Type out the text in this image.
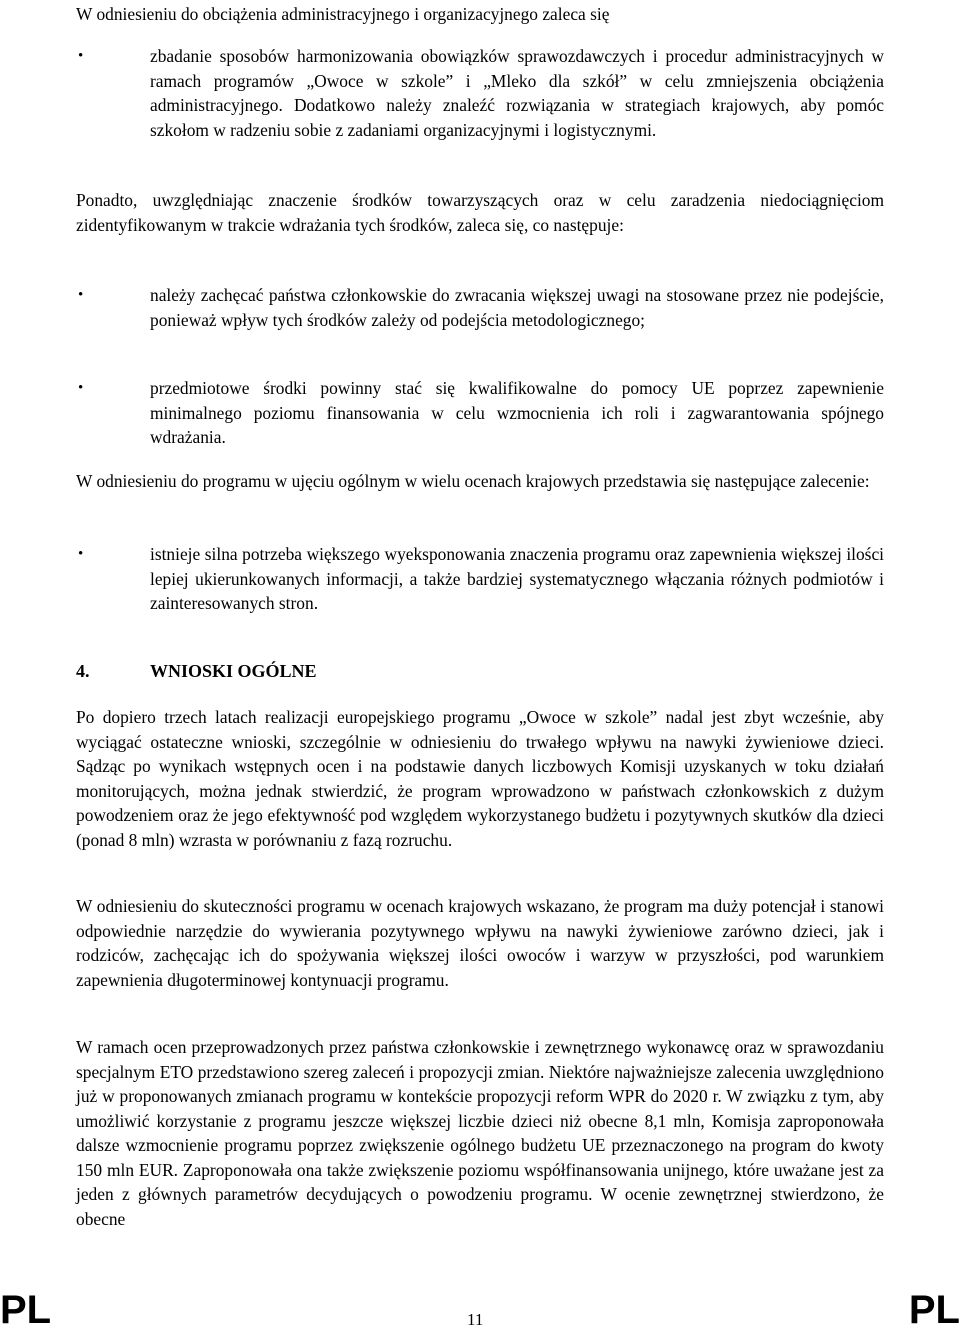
W odniesieniu do obciążenia administracyjnego i organizacyjnego zaleca się

•	zbadanie sposobów harmonizowania obowiązków sprawozdawczych i procedur administracyjnych w ramach programów „Owoce w szkole” i „Mleko dla szkół” w celu zmniejszenia obciążenia administracyjnego. Dodatkowo należy znaleźć rozwiązania w strategiach krajowych, aby pomóc szkołom w radzeniu sobie z zadaniami organizacyjnymi i logistycznymi.

Ponadto, uwzględniając znaczenie środków towarzyszących oraz w celu zaradzenia niedociągnięciom zidentyfikowanym w trakcie wdrażania tych środków, zaleca się, co następuje:

•	należy zachęcać państwa członkowskie do zwracania większej uwagi na stosowane przez nie podejście, ponieważ wpływ tych środków zależy od podejścia metodologicznego;

•	przedmiotowe środki powinny stać się kwalifikowalne do pomocy UE poprzez zapewnienie minimalnego poziomu finansowania w celu wzmocnienia ich roli i zagwarantowania spójnego wdrażania.

W odniesieniu do programu w ujęciu ogólnym w wielu ocenach krajowych przedstawia się następujące zalecenie:

•	istnieje silna potrzeba większego wyeksponowania znaczenia programu oraz zapewnienia większej ilości lepiej ukierunkowanych informacji, a także bardziej systematycznego włączania różnych podmiotów i zainteresowanych stron.

4.	WNIOSKI OGÓLNE

Po dopiero trzech latach realizacji europejskiego programu „Owoce w szkole” nadal jest zbyt wcześnie, aby wyciągać ostateczne wnioski, szczególnie w odniesieniu do trwałego wpływu na nawyki żywieniowe dzieci. Sądząc po wynikach wstępnych ocen i na podstawie danych liczbowych Komisji uzyskanych w toku działań monitorujących, można jednak stwierdzić, że program wprowadzono w państwach członkowskich z dużym powodzeniem oraz że jego efektywność pod względem wykorzystanego budżetu i pozytywnych skutków dla dzieci (ponad 8 mln) wzrasta w porównaniu z fazą rozruchu.

W odniesieniu do skuteczności programu w ocenach krajowych wskazano, że program ma duży potencjał i stanowi odpowiednie narzędzie do wywierania pozytywnego wpływu na nawyki żywieniowe zarówno dzieci, jak i rodziców, zachęcając ich do spożywania większej ilości owoców i warzyw w przyszłości, pod warunkiem zapewnienia długoterminowej kontynuacji programu.

W ramach ocen przeprowadzonych przez państwa członkowskie i zewnętrznego wykonawcę oraz w sprawozdaniu specjalnym ETO przedstawiono szereg zaleceń i propozycji zmian. Niektóre najważniejsze zalecenia uwzględniono już w proponowanych zmianach programu w kontekście propozycji reform WPR do 2020 r. W związku z tym, aby umożliwić korzystanie z programu jeszcze większej liczbie dzieci niż obecne 8,1 mln, Komisja zaproponowała dalsze wzmocnienie programu poprzez zwiększenie ogólnego budżetu UE przeznaczonego na program do kwoty 150 mln EUR. Zaproponowała ona także zwiększenie poziomu współfinansowania unijnego, które uważane jest za jeden z głównych parametrów decydujących o powodzeniu programu. W ocenie zewnętrznej stwierdzono, że obecne

PL	11	PL
